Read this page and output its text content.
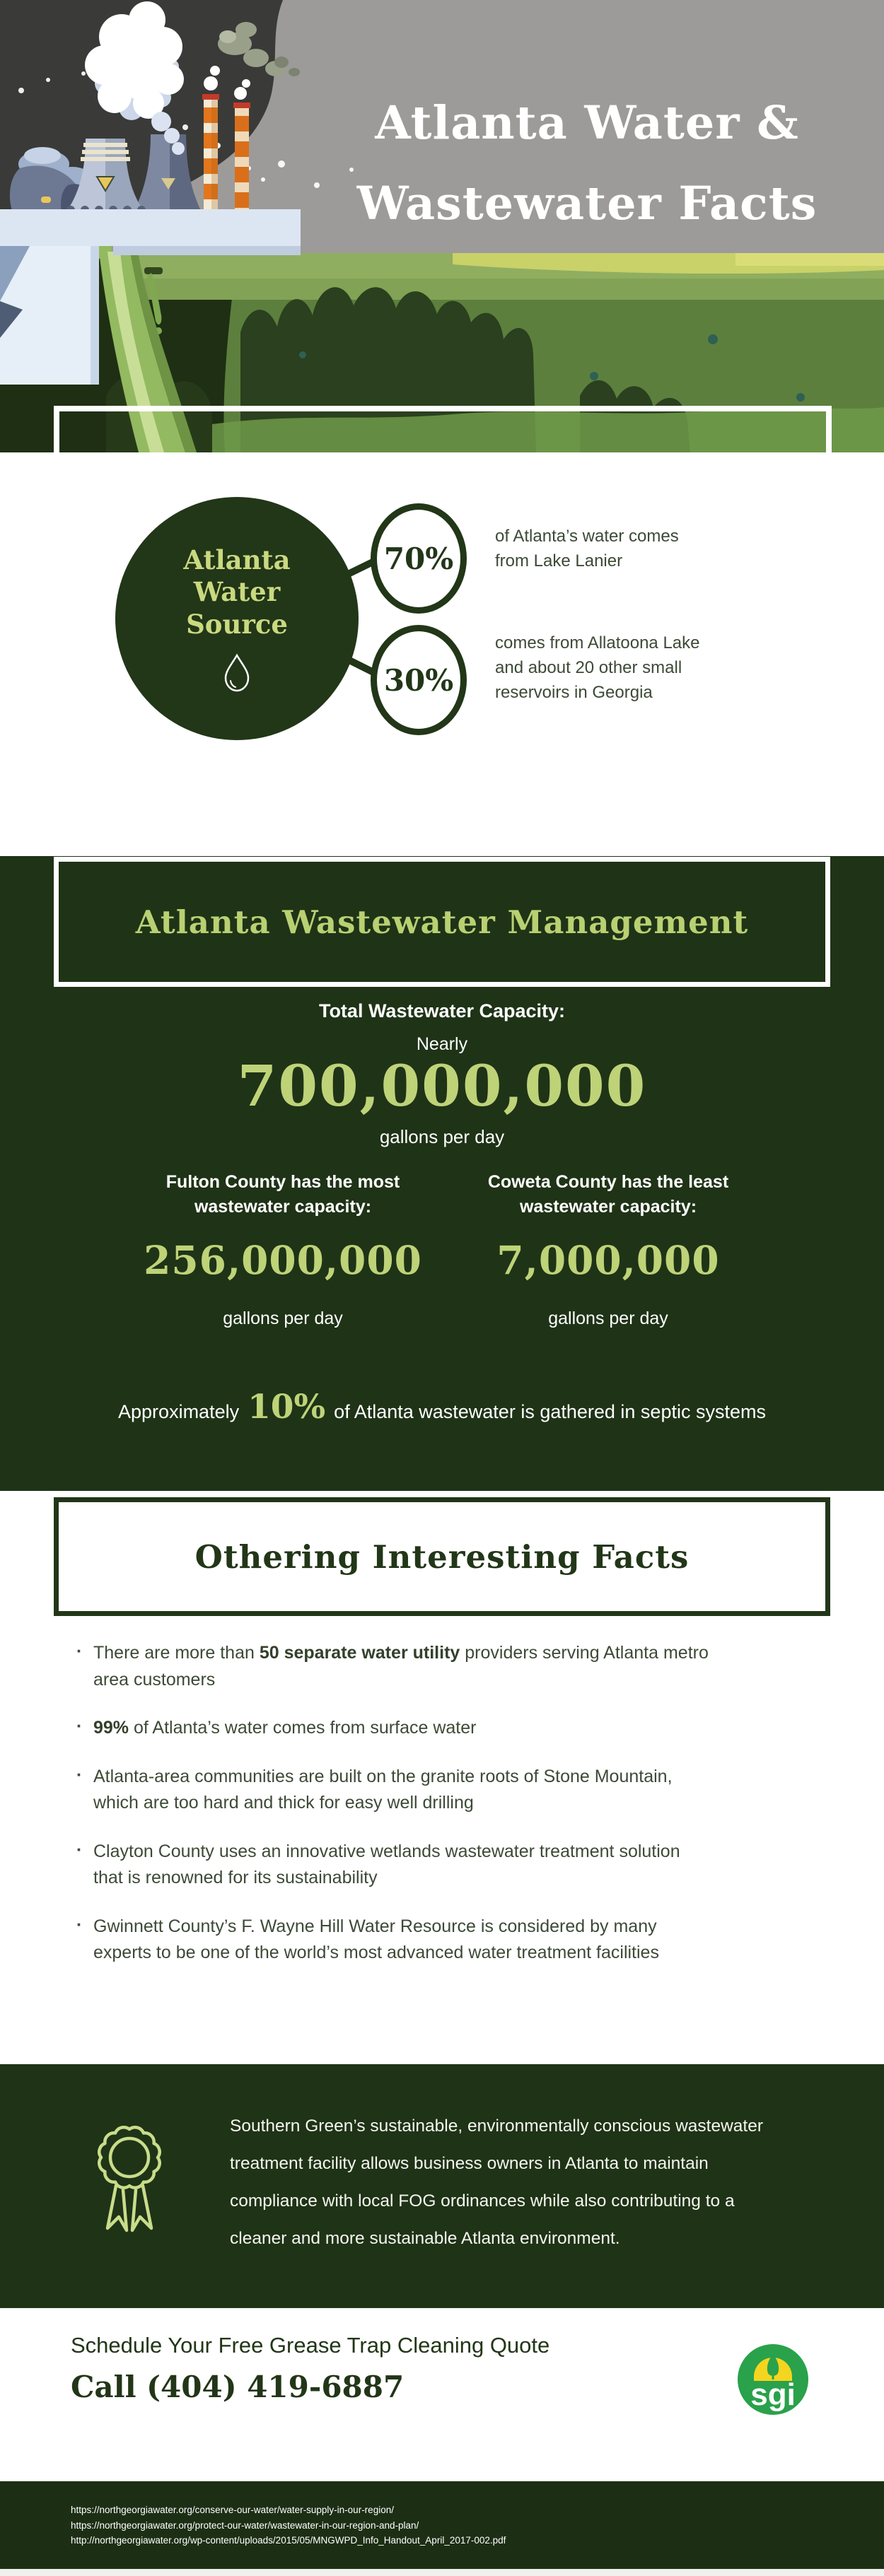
Atlanta Water &
Wastewater Facts
Atlanta
Water
Source
70%
30%
of Atlanta’s water comes from Lake Lanier
comes from Allatoona Lake and about 20 other small reservoirs in Georgia
Atlanta Wastewater Management
Total Wastewater Capacity:
Nearly
700,000,000
gallons per day
Fulton County has the most
wastewater capacity:
256,000,000
gallons per day
Coweta County has the least
wastewater capacity:
7,000,000
gallons per day
Approximately 10% of Atlanta wastewater is gathered in septic systems
Othering Interesting Facts
· There are more than 50 separate water utility providers serving Atlanta metro area customers
· 99% of Atlanta’s water comes from surface water
· Atlanta-area communities are built on the granite roots of Stone Mountain, which are too hard and thick for easy well drilling
· Clayton County uses an innovative wetlands wastewater treatment solution that is renowned for its sustainability
· Gwinnett County’s F. Wayne Hill Water Resource is considered by many experts to be one of the world’s most advanced water treatment facilities
Southern Green’s sustainable, environmentally conscious wastewater treatment facility allows business owners in Atlanta to maintain compliance with local FOG ordinances while also contributing to a cleaner and more sustainable Atlanta environment.
Schedule Your Free Grease Trap Cleaning Quote
Call (404) 419-6887	sgi
https://northgeorgiawater.org/conserve-our-water/water-supply-in-our-region/
https://northgeorgiawater.org/protect-our-water/wastewater-in-our-region-and-plan/
http://northgeorgiawater.org/wp-content/uploads/2015/05/MNGWPD_Info_Handout_April_2017-002.pdf
